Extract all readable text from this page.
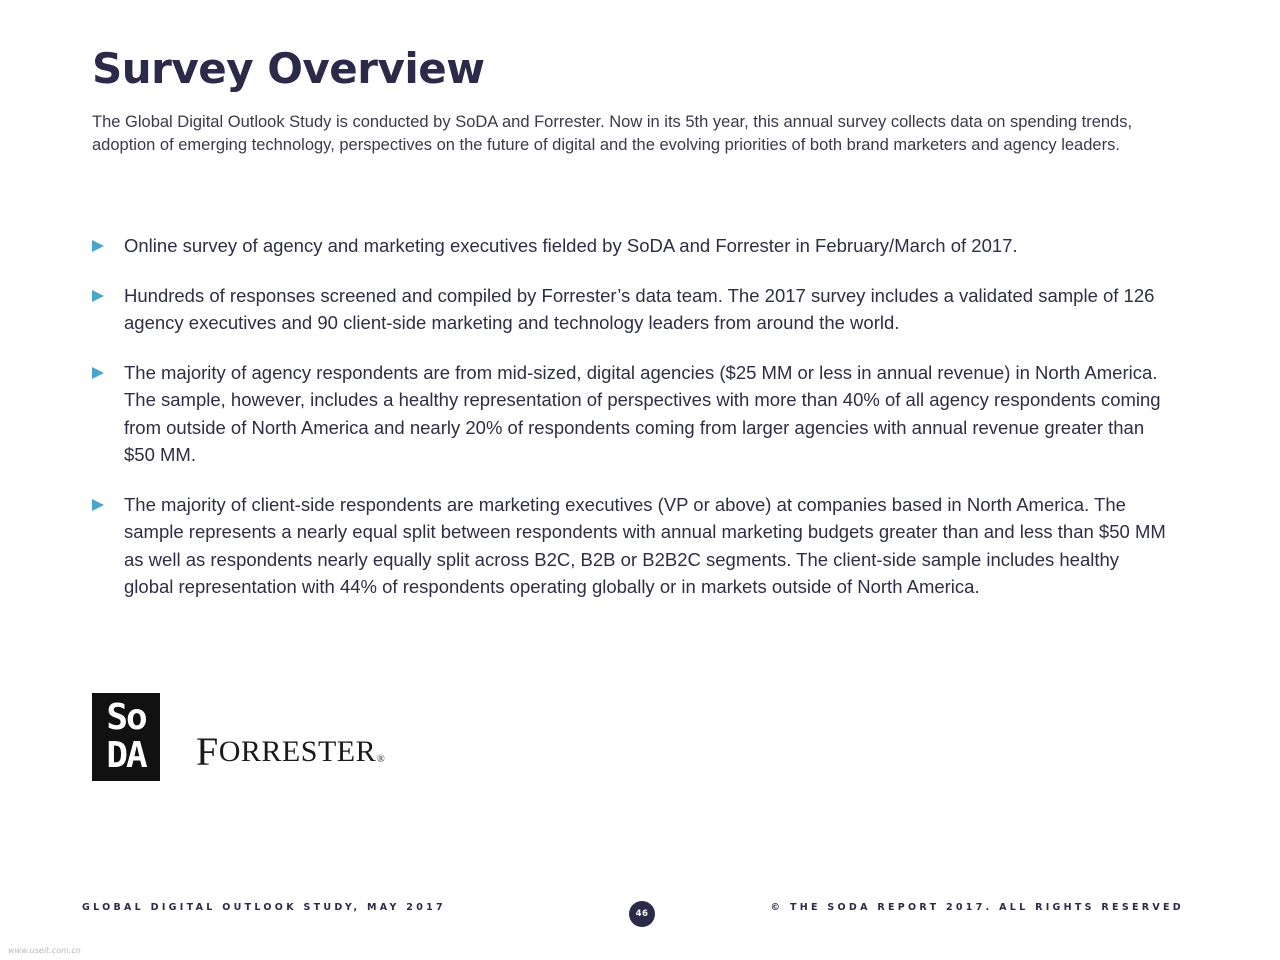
Survey Overview

The Global Digital Outlook Study is conducted by SoDA and Forrester. Now in its 5th year, this annual survey collects data on spending trends, adoption of emerging technology, perspectives on the future of digital and the evolving priorities of both brand marketers and agency leaders.

Online survey of agency and marketing executives fielded by SoDA and Forrester in February/March of 2017.
Hundreds of responses screened and compiled by Forrester’s data team. The 2017 survey includes a validated sample of 126 agency executives and 90 client-side marketing and technology leaders from around the world.
The majority of agency respondents are from mid-sized, digital agencies ($25 MM or less in annual revenue) in North America. The sample, however, includes a healthy representation of perspectives with more than 40% of all agency respondents coming from outside of North America and nearly 20% of respondents coming from larger agencies with annual revenue greater than $50 MM.
The majority of client-side respondents are marketing executives (VP or above) at companies based in North America. The sample represents a nearly equal split between respondents with annual marketing budgets greater than and less than $50 MM as well as respondents nearly equally split across B2C, B2B or B2B2C segments. The client-side sample includes healthy global representation with 44% of respondents operating globally or in markets outside of North America.
So
DA F ORRESTER ®
GLOBAL DIGITAL OUTLOOK STUDY, MAY 2017
46
© THE SODA REPORT 2017. ALL RIGHTS RESERVED
www.useit.com.cn
